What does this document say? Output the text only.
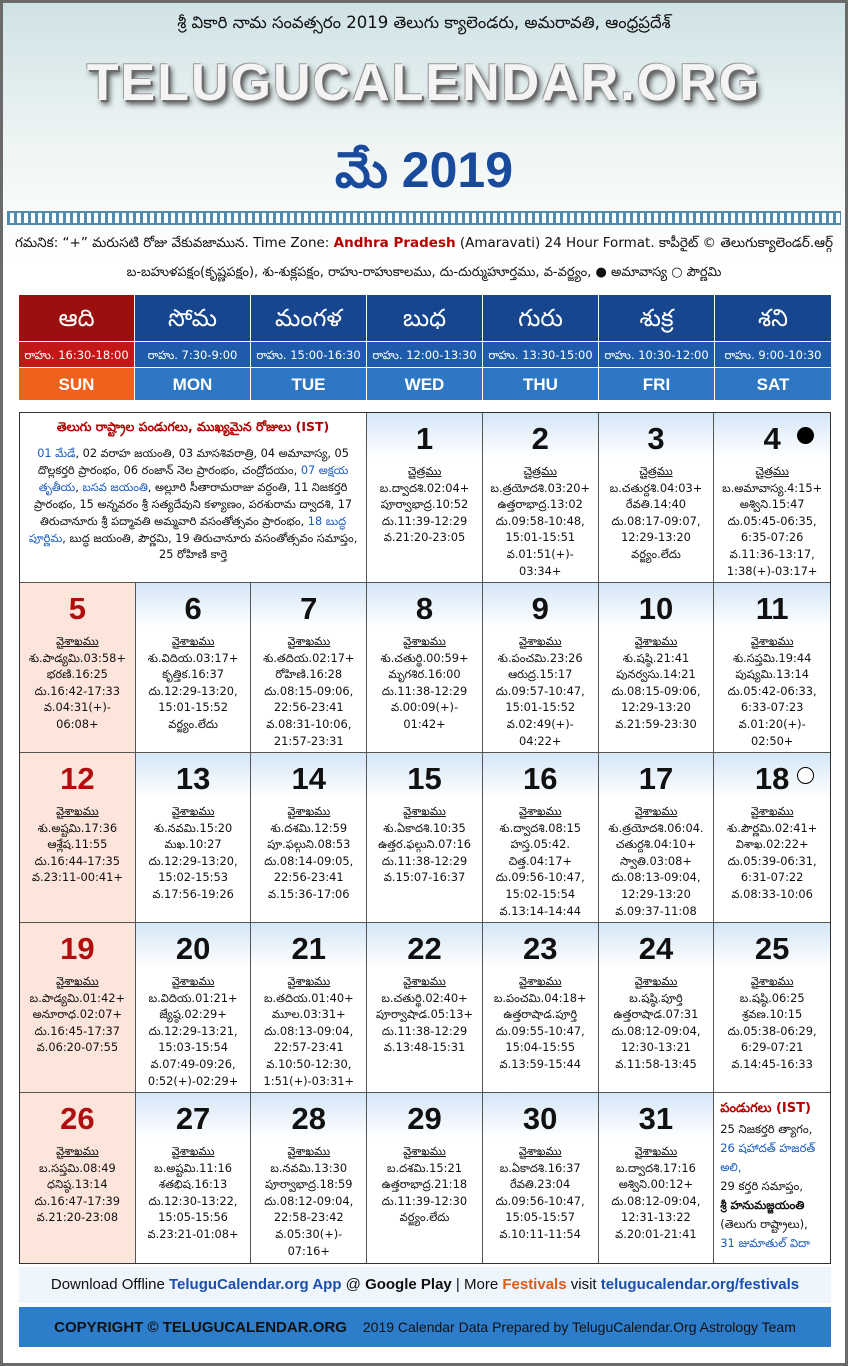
శ్రీ వికారి నామ సంవత్సరం 2019 తెలుగు క్యాలెండరు, అమరావతి, ఆంధ్రప్రదేశ్
TELUGUCALENDAR.ORG
మే 2019
గమనిక: “+” మరుసటి రోజు వేకువజామున. Time Zone: Andhra Pradesh (Amaravati) 24 Hour Format. కాపీరైట్ © తెలుగుక్యాలెండర్.ఆర్గ్
బ-బహుళపక్షం(కృష్ణపక్షం), శు-శుక్లపక్షం, రాహు-రాహుకాలము, దు-దుర్ముహూర్తము, వ-వర్జ్యం, ● అమావాస్య ○ పౌర్ణమి
ఆది
రాహు. 16:30-18:00
SUN
సోమ
రాహు. 7:30-9:00
MON
మంగళ
రాహు. 15:00-16:30
TUE
బుధ
రాహు. 12:00-13:30
WED
గురు
రాహు. 13:30-15:00
THU
శుక్ర
రాహు. 10:30-12:00
FRI
శని
రాహు. 9:00-10:30
SAT
తెలుగు రాష్ట్రాల పండుగలు, ముఖ్యమైన రోజులు (IST)
01 మేడే, 02 వరాహ జయంతి, 03 మాసశివరాత్రి, 04 అమావాస్య, 05 దొల్లకర్తరి ప్రారంభం, 06 రంజాన్ నెల ప్రారంభం, చంద్రోదయం, 07 అక్షయ తృతీయ, బసవ జయంతి, అల్లూరి సీతారామరాజు వర్ధంతి, 11 నిజకర్తరి ప్రారంభం, 15 అన్నవరం శ్రీ సత్యదేవుని కళ్యాణం, పరశురామ ద్వాదశి, 17 తిరుచానూరు శ్రీ పద్మావతి అమ్మవారి వసంతోత్సవం ప్రారంభం, 18 బుద్ధ పూర్ణిమ, బుద్ధ జయంతి, పౌర్ణమి, 19 తిరుచానూరు వసంతోత్సవం సమాప్తం, 25 రోహిణి కార్తె
1
చైత్రము
బ.ద్వాదశి.02:04+
పూర్వాభాద్ర.10:52
దు.11:39-12:29
వ.21:20-23:05
2
చైత్రము
బ.త్రయోదశి.03:20+
ఉత్తరాభాద్ర.13:02
దు.09:58-10:48,
15:01-15:51
వ.01:51(+)-
03:34+
3
చైత్రము
బ.చతుర్దశి.04:03+
రేవతి.14:40
దు.08:17-09:07,
12:29-13:20
వర్జ్యం.లేదు
4
చైత్రము
బ.అమావాస్య.4:15+
అశ్విని.15:47
దు.05:45-06:35,
6:35-07:26
వ.11:36-13:17,
1:38(+)-03:17+
5
వైశాఖము
శు.పాడ్యమి.03:58+
భరణి.16:25
దు.16:42-17:33
వ.04:31(+)-
06:08+
6
వైశాఖము
శు.విదియ.03:17+
కృత్తిక.16:37
దు.12:29-13:20,
15:01-15:52
వర్జ్యం.లేదు
7
వైశాఖము
శు.తదియ.02:17+
రోహిణి.16:28
దు.08:15-09:06,
22:56-23:41
వ.08:31-10:06,
21:57-23:31
8
వైశాఖము
శు.చతుర్థి.00:59+
మృగశిర.16:00
దు.11:38-12:29
వ.00:09(+)-
01:42+
9
వైశాఖము
శు.పంచమి.23:26
ఆరుద్ర.15:17
దు.09:57-10:47,
15:01-15:52
వ.02:49(+)-
04:22+
10
వైశాఖము
శు.షష్ఠి.21:41
పునర్వసు.14:21
దు.08:15-09:06,
12:29-13:20
వ.21:59-23:30
11
వైశాఖము
శు.సప్తమి.19:44
పుష్యమి.13:14
దు.05:42-06:33,
6:33-07:23
వ.01:20(+)-
02:50+
12
వైశాఖము
శు.అష్టమి.17:36
ఆశ్లేష.11:55
దు.16:44-17:35
వ.23:11-00:41+
13
వైశాఖము
శు.నవమి.15:20
మఖ.10:27
దు.12:29-13:20,
15:02-15:53
వ.17:56-19:26
14
వైశాఖము
శు.దశమి.12:59
పూ.ఫల్గుని.08:53
దు.08:14-09:05,
22:56-23:41
వ.15:36-17:06
15
వైశాఖము
శు.ఏకాదశి.10:35
ఉత్తర.ఫల్గుని.07:16
దు.11:38-12:29
వ.15:07-16:37
16
వైశాఖము
శు.ద్వాదశి.08:15
హస్త.05:42.
చిత్త.04:17+
దు.09:56-10:47,
15:02-15:54
వ.13:14-14:44
17
వైశాఖము
శు.త్రయోదశి.06:04.
చతుర్దశి.04:10+
స్వాతి.03:08+
దు.08:13-09:04,
12:29-13:20
వ.09:37-11:08
18
వైశాఖము
శు.పౌర్ణమి.02:41+
విశాఖ.02:22+
దు.05:39-06:31,
6:31-07:22
వ.08:33-10:06
19
వైశాఖము
బ.పాడ్యమి.01:42+
అనూరాధ.02:07+
దు.16:45-17:37
వ.06:20-07:55
20
వైశాఖము
బ.విదియ.01:21+
జ్యేష్ఠ.02:29+
దు.12:29-13:21,
15:03-15:54
వ.07:49-09:26,
0:52(+)-02:29+
21
వైశాఖము
బ.తదియ.01:40+
మూల.03:31+
దు.08:13-09:04,
22:57-23:41
వ.10:50-12:30,
1:51(+)-03:31+
22
వైశాఖము
బ.చతుర్థి.02:40+
పూర్వాషాడ.05:13+
దు.11:38-12:29
వ.13:48-15:31
23
వైశాఖము
బ.పంచమి.04:18+
ఉత్తరాషాడ.పూర్తి
దు.09:55-10:47,
15:04-15:55
వ.13:59-15:44
24
వైశాఖము
బ.షష్ఠి.పూర్తి
ఉత్తరాషాడ.07:31
దు.08:12-09:04,
12:30-13:21
వ.11:58-13:45
25
వైశాఖము
బ.షష్ఠి.06:25
శ్రవణ.10:15
దు.05:38-06:29,
6:29-07:21
వ.14:45-16:33
26
వైశాఖము
బ.సప్తమి.08:49
ధనిష్ఠ.13:14
దు.16:47-17:39
వ.21:20-23:08
27
వైశాఖము
బ.అష్టమి.11:16
శతభిష.16:13
దు.12:30-13:22,
15:05-15:56
వ.23:21-01:08+
28
వైశాఖము
బ.నవమి.13:30
పూర్వాభాద్ర.18:59
దు.08:12-09:04,
22:58-23:42
వ.05:30(+)-
07:16+
29
వైశాఖము
బ.దశమి.15:21
ఉత్తరాభాద్ర.21:18
దు.11:39-12:30
వర్జ్యం.లేదు
30
వైశాఖము
బ.ఏకాదశి.16:37
రేవతి.23:04
దు.09:56-10:47,
15:05-15:57
వ.10:11-11:54
31
వైశాఖము
బ.ద్వాదశి.17:16
అశ్విని.00:12+
దు.08:12-09:04,
12:31-13:22
వ.20:01-21:41
పండుగలు (IST)
25 నిజకర్తరి త్యాగం,
26 షహాదత్ హజరత్ అలి,
29 కర్తరి సమాప్తం,
శ్రీ హనుమజ్జయంతి
(తెలుగు రాష్ట్రాలు),
31 జుమాతుల్ విదా
Download Offline TeluguCalendar.org App @ Google Play | More Festivals visit telugucalendar.org/festivals
COPYRIGHT © TELUGUCALENDAR.ORG 2019 Calendar Data Prepared by TeluguCalendar.Org Astrology Team
